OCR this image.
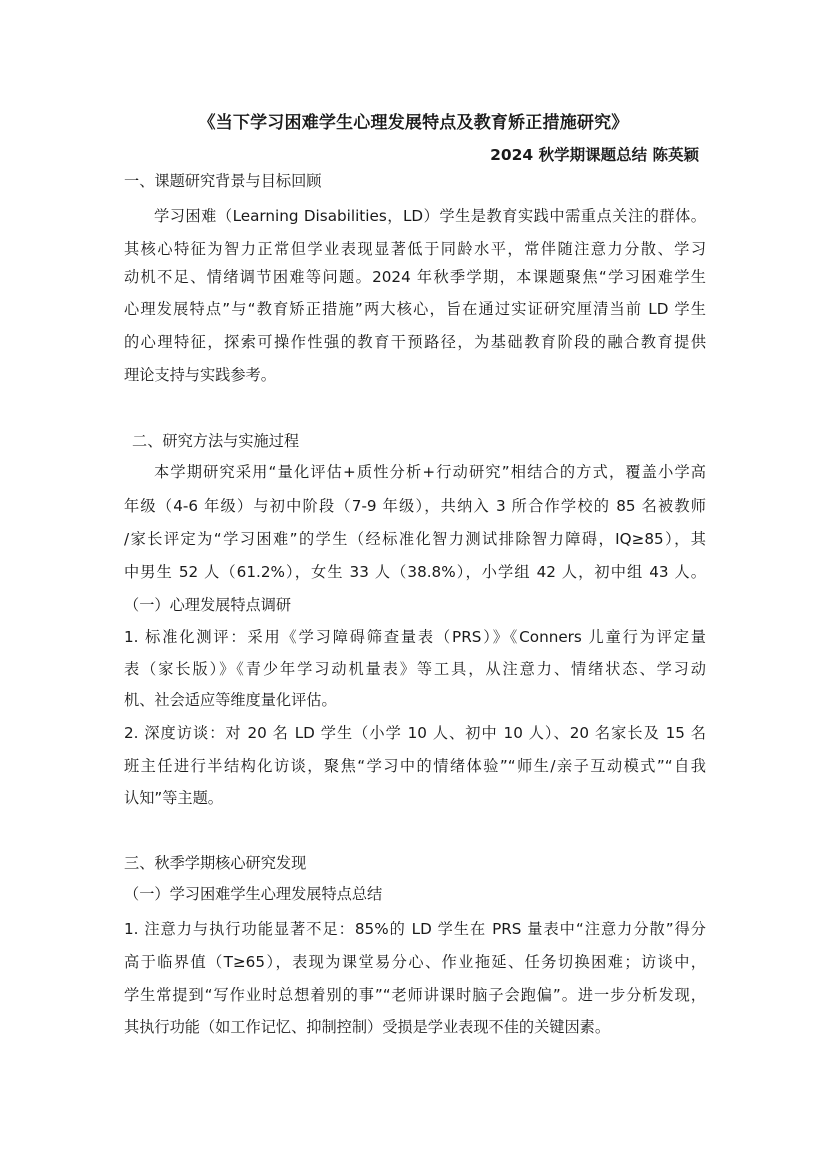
《当下学习困难学生心理发展特点及教育矫正措施研究》
2024 秋学期课题总结 陈英颖
一、课题研究背景与目标回顾
学习困难（Learning Disabilities，LD）学生是教育实践中需重点关注的群体。
其核心特征为智力正常但学业表现显著低于同龄水平，常伴随注意力分散、学习
动机不足、情绪调节困难等问题。2024 年秋季学期，本课题聚焦“学习困难学生
心理发展特点”与“教育矫正措施”两大核心，旨在通过实证研究厘清当前 LD 学生
的心理特征，探索可操作性强的教育干预路径，为基础教育阶段的融合教育提供
理论支持与实践参考。
二、研究方法与实施过程
本学期研究采用“量化评估+质性分析+行动研究”相结合的方式，覆盖小学高
年级（4-6 年级）与初中阶段（7-9 年级），共纳入 3 所合作学校的 85 名被教师
/家长评定为“学习困难”的学生（经标准化智力测试排除智力障碍，IQ≥85），其
中男生 52 人（61.2%），女生 33 人（38.8%），小学组 42 人，初中组 43 人。
（一）心理发展特点调研
1. 标准化测评：采用《学习障碍筛查量表（PRS）》《Conners 儿童行为评定量
表（家长版）》《青少年学习动机量表》等工具，从注意力、情绪状态、学习动
机、社会适应等维度量化评估。
2. 深度访谈：对 20 名 LD 学生（小学 10 人、初中 10 人）、20 名家长及 15 名
班主任进行半结构化访谈，聚焦“学习中的情绪体验”“师生/亲子互动模式”“自我
认知”等主题。
三、秋季学期核心研究发现
（一）学习困难学生心理发展特点总结
1. 注意力与执行功能显著不足：85%的 LD 学生在 PRS 量表中“注意力分散”得分
高于临界值（T≥65），表现为课堂易分心、作业拖延、任务切换困难；访谈中，
学生常提到“写作业时总想着别的事”“老师讲课时脑子会跑偏”。进一步分析发现，
其执行功能（如工作记忆、抑制控制）受损是学业表现不佳的关键因素。
